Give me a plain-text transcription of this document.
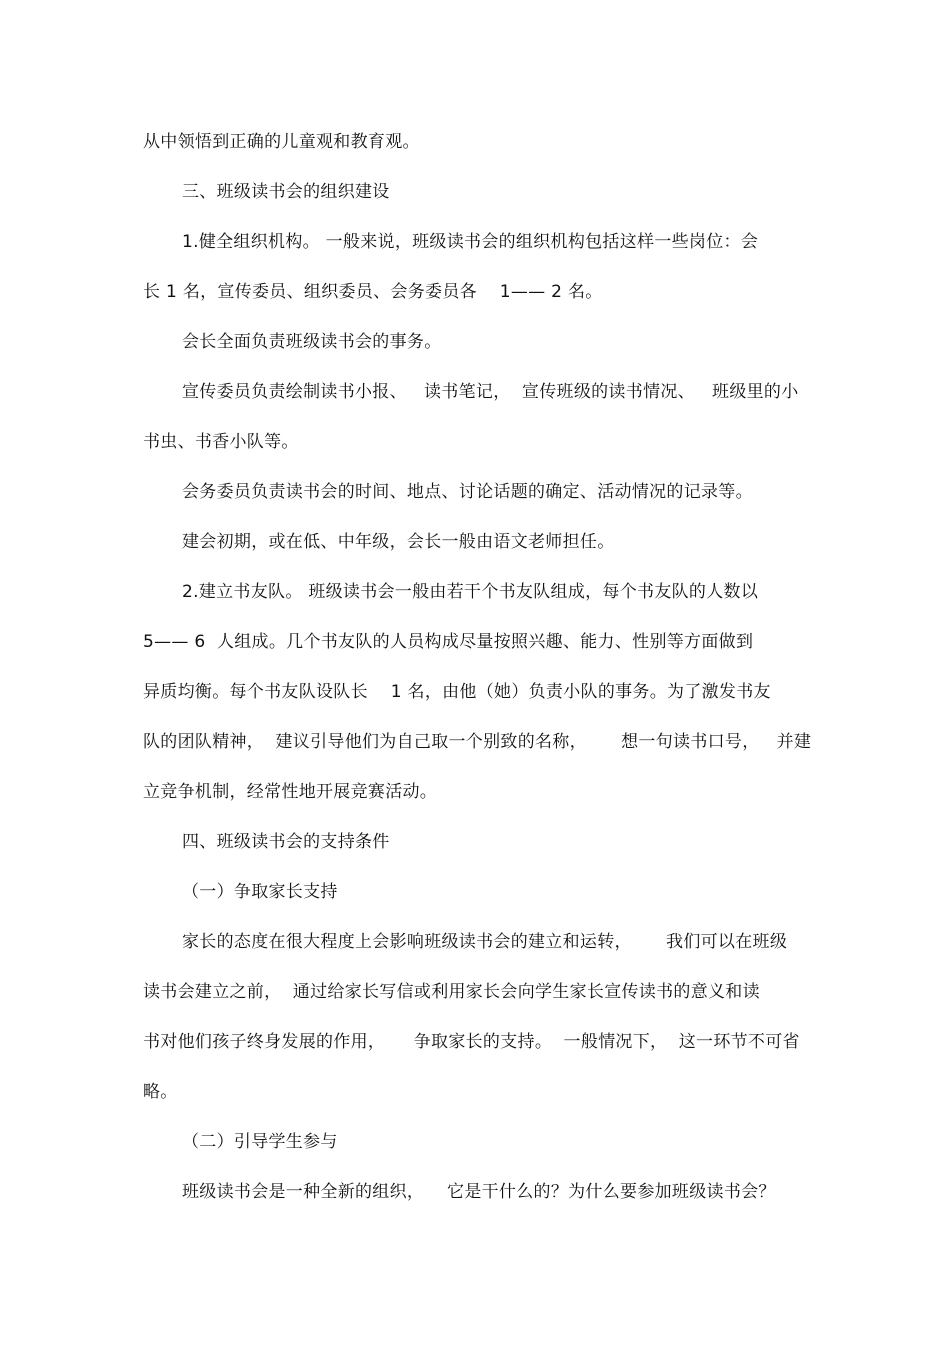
从中领悟到正确的儿童观和教育观。
三、班级读书会的组织建设
1.健全组织机构。 一般来说，班级读书会的组织机构包括这样一些岗位：会
长 1 名，宣传委员、组织委员、会务委员各    1—— 2 名。
会长全面负责班级读书会的事务。
宣传委员负责绘制读书小报、   读书笔记，  宣传班级的读书情况、   班级里的小
书虫、书香小队等。
会务委员负责读书会的时间、地点、讨论话题的确定、活动情况的记录等。
建会初期，或在低、中年级，会长一般由语文老师担任。
2.建立书友队。 班级读书会一般由若干个书友队组成，每个书友队的人数以
5—— 6  人组成。几个书友队的人员构成尽量按照兴趣、能力、性别等方面做到
异质均衡。每个书友队设队长    1 名，由他（她）负责小队的事务。为了激发书友
队的团队精神，  建议引导他们为自己取一个别致的名称，      想一句读书口号，   并建
立竞争机制，经常性地开展竞赛活动。
四、班级读书会的支持条件
（一）争取家长支持
家长的态度在很大程度上会影响班级读书会的建立和运转，      我们可以在班级
读书会建立之前，  通过给家长写信或利用家长会向学生家长宣传读书的意义和读
书对他们孩子终身发展的作用，     争取家长的支持。  一般情况下，  这一环节不可省
略。
（二）引导学生参与
班级读书会是一种全新的组织，    它是干什么的？为什么要参加班级读书会？
